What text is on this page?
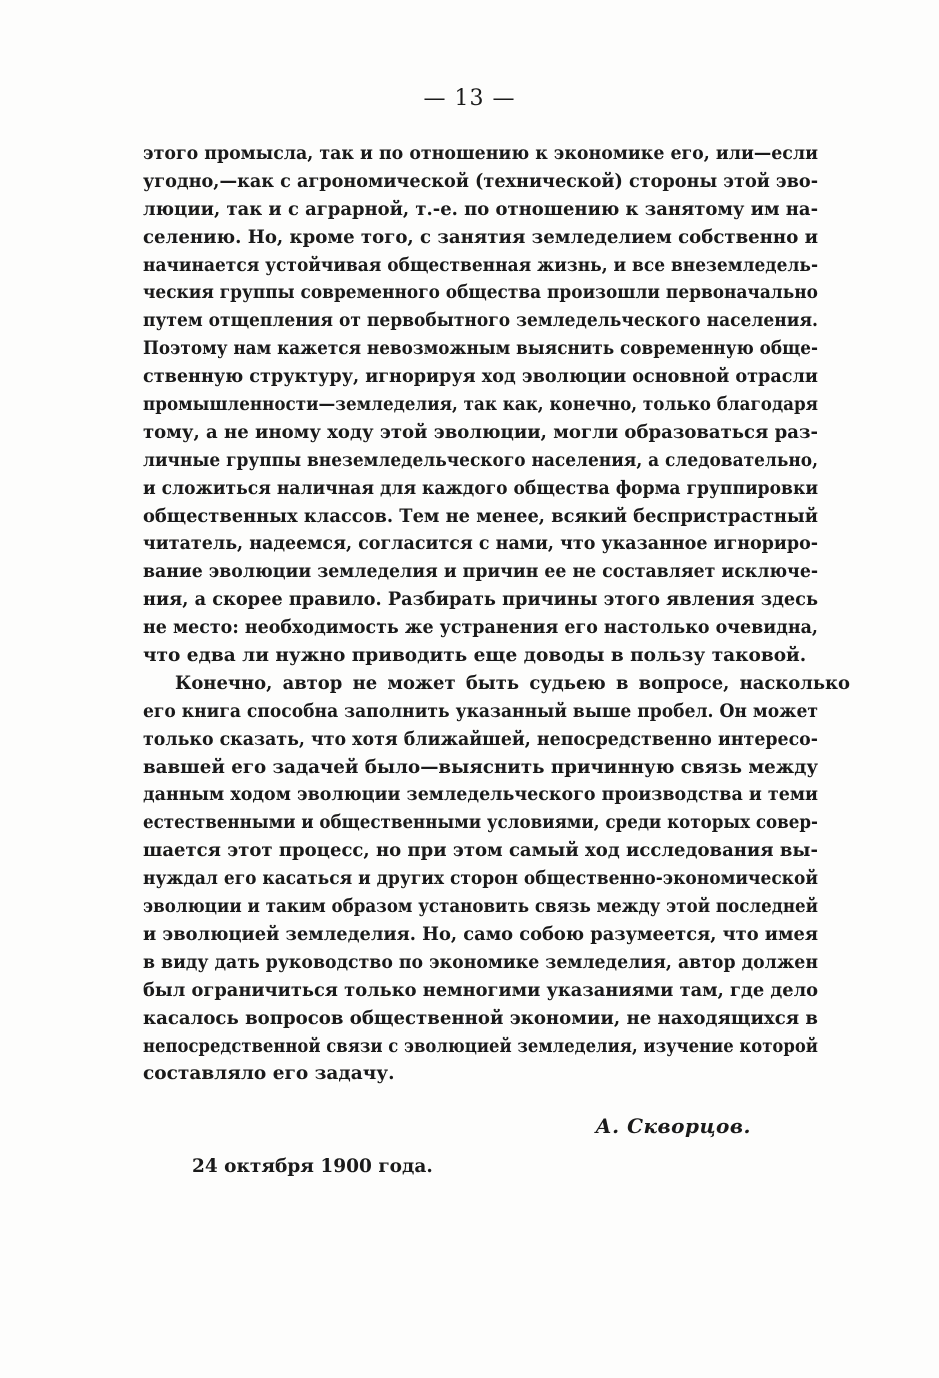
— 13 —
этого промысла, так и по отношению к экономике его, или—если
угодно,—как с агрономической (технической) стороны этой эво-
люции, так и с аграрной, т.-е. по отношению к занятому им на-
селению. Но, кроме того, с занятия земледелием собственно и
начинается устойчивая общественная жизнь, и все внеземледель-
ческия группы современного общества произошли первоначально
путем отщепления от первобытного земледельческого населения.
Поэтому нам кажется невозможным выяснить современную обще-
ственную структуру, игнорируя ход эволюции основной отрасли
промышленности—земледелия, так как, конечно, только благодаря
тому, а не иному ходу этой эволюции, могли образоваться раз-
личные группы внеземледельческого населения, а следовательно,
и сложиться наличная для каждого общества форма группировки
общественных классов. Тем не менее, всякий беспристрастный
читатель, надеемся, согласится с нами, что указанное игнориро-
вание эволюции земледелия и причин ее не составляет исключе-
ния, а скорее правило. Разбирать причины этого явления здесь
не место: необходимость же устранения его настолько очевидна,
что едва ли нужно приводить еще доводы в пользу таковой.
Конечно, автор не может быть судьею в вопросе, насколько
его книга способна заполнить указанный выше пробел. Он может
только сказать, что хотя ближайшей, непосредственно интересо-
вавшей его задачей было—выяснить причинную связь между
данным ходом эволюции земледельческого производства и теми
естественными и общественными условиями, среди которых совер-
шается этот процесс, но при этом самый ход исследования вы-
нуждал его касаться и других сторон общественно-экономической
эволюции и таким образом установить связь между этой последней
и эволюцией земледелия. Но, само собою разумеется, что имея
в виду дать руководство по экономике земледелия, автор должен
был ограничиться только немногими указаниями там, где дело
касалось вопросов общественной экономии, не находящихся в
непосредственной связи с эволюцией земледелия, изучение которой
составляло его задачу.
А. Скворцов.
24 октября 1900 года.
